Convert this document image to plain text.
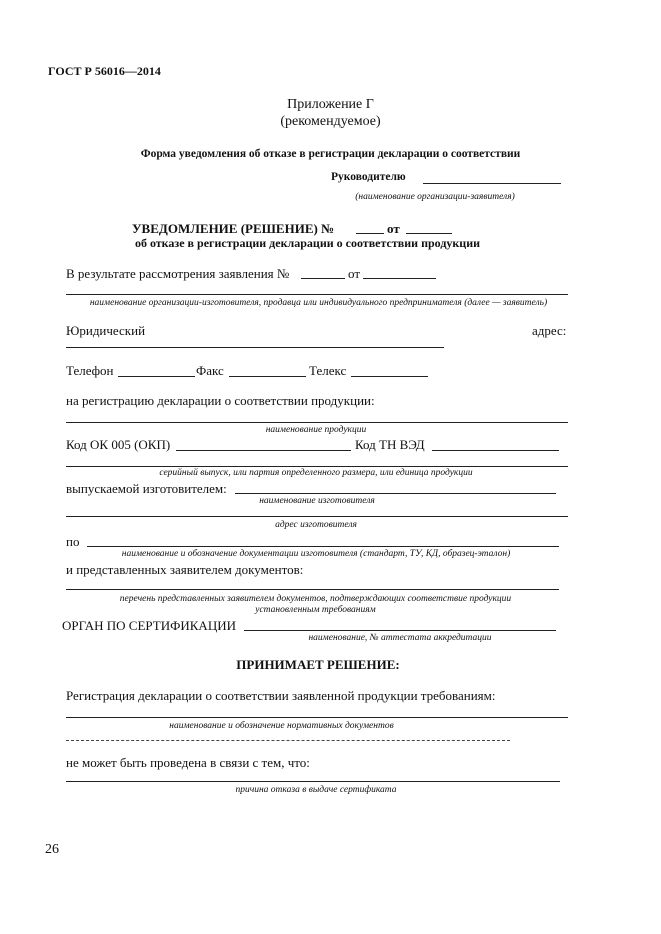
ГОСТ Р 56016—2014
Приложение Г
(рекомендуемое)
Форма уведомления об отказе в регистрации декларации о соответствии
Руководителю
(наименование организации-заявителя)
УВЕДОМЛЕНИЕ (РЕШЕНИЕ) №	от
об отказе в регистрации декларации о соответствии продукции
В результате рассмотрения заявления №	от
наименование организации-изготовителя, продавца или индивидуального предпринимателя (далее — заявитель)
Юридический	адрес:
Телефон	Факс	Телекс
на регистрацию декларации о соответствии продукции:
наименование продукции
Код ОК 005 (ОКП)	Код ТН ВЭД
серийный выпуск, или партия определенного размера, или единица продукции
выпускаемой изготовителем:
наименование изготовителя
адрес изготовителя
по
наименование и обозначение документации изготовителя (стандарт, ТУ, КД, образец-эталон)
и представленных заявителем документов:
перечень представленных заявителем документов, подтверждающих соответствие продукции
установленным требованиям
ОРГАН ПО СЕРТИФИКАЦИИ
наименование, № аттестата аккредитации
ПРИНИМАЕТ РЕШЕНИЕ:
Регистрация декларации о соответствии заявленной продукции требованиям:
наименование и обозначение нормативных документов
не может быть проведена в связи с тем, что:
причина отказа в выдаче сертификата
26
